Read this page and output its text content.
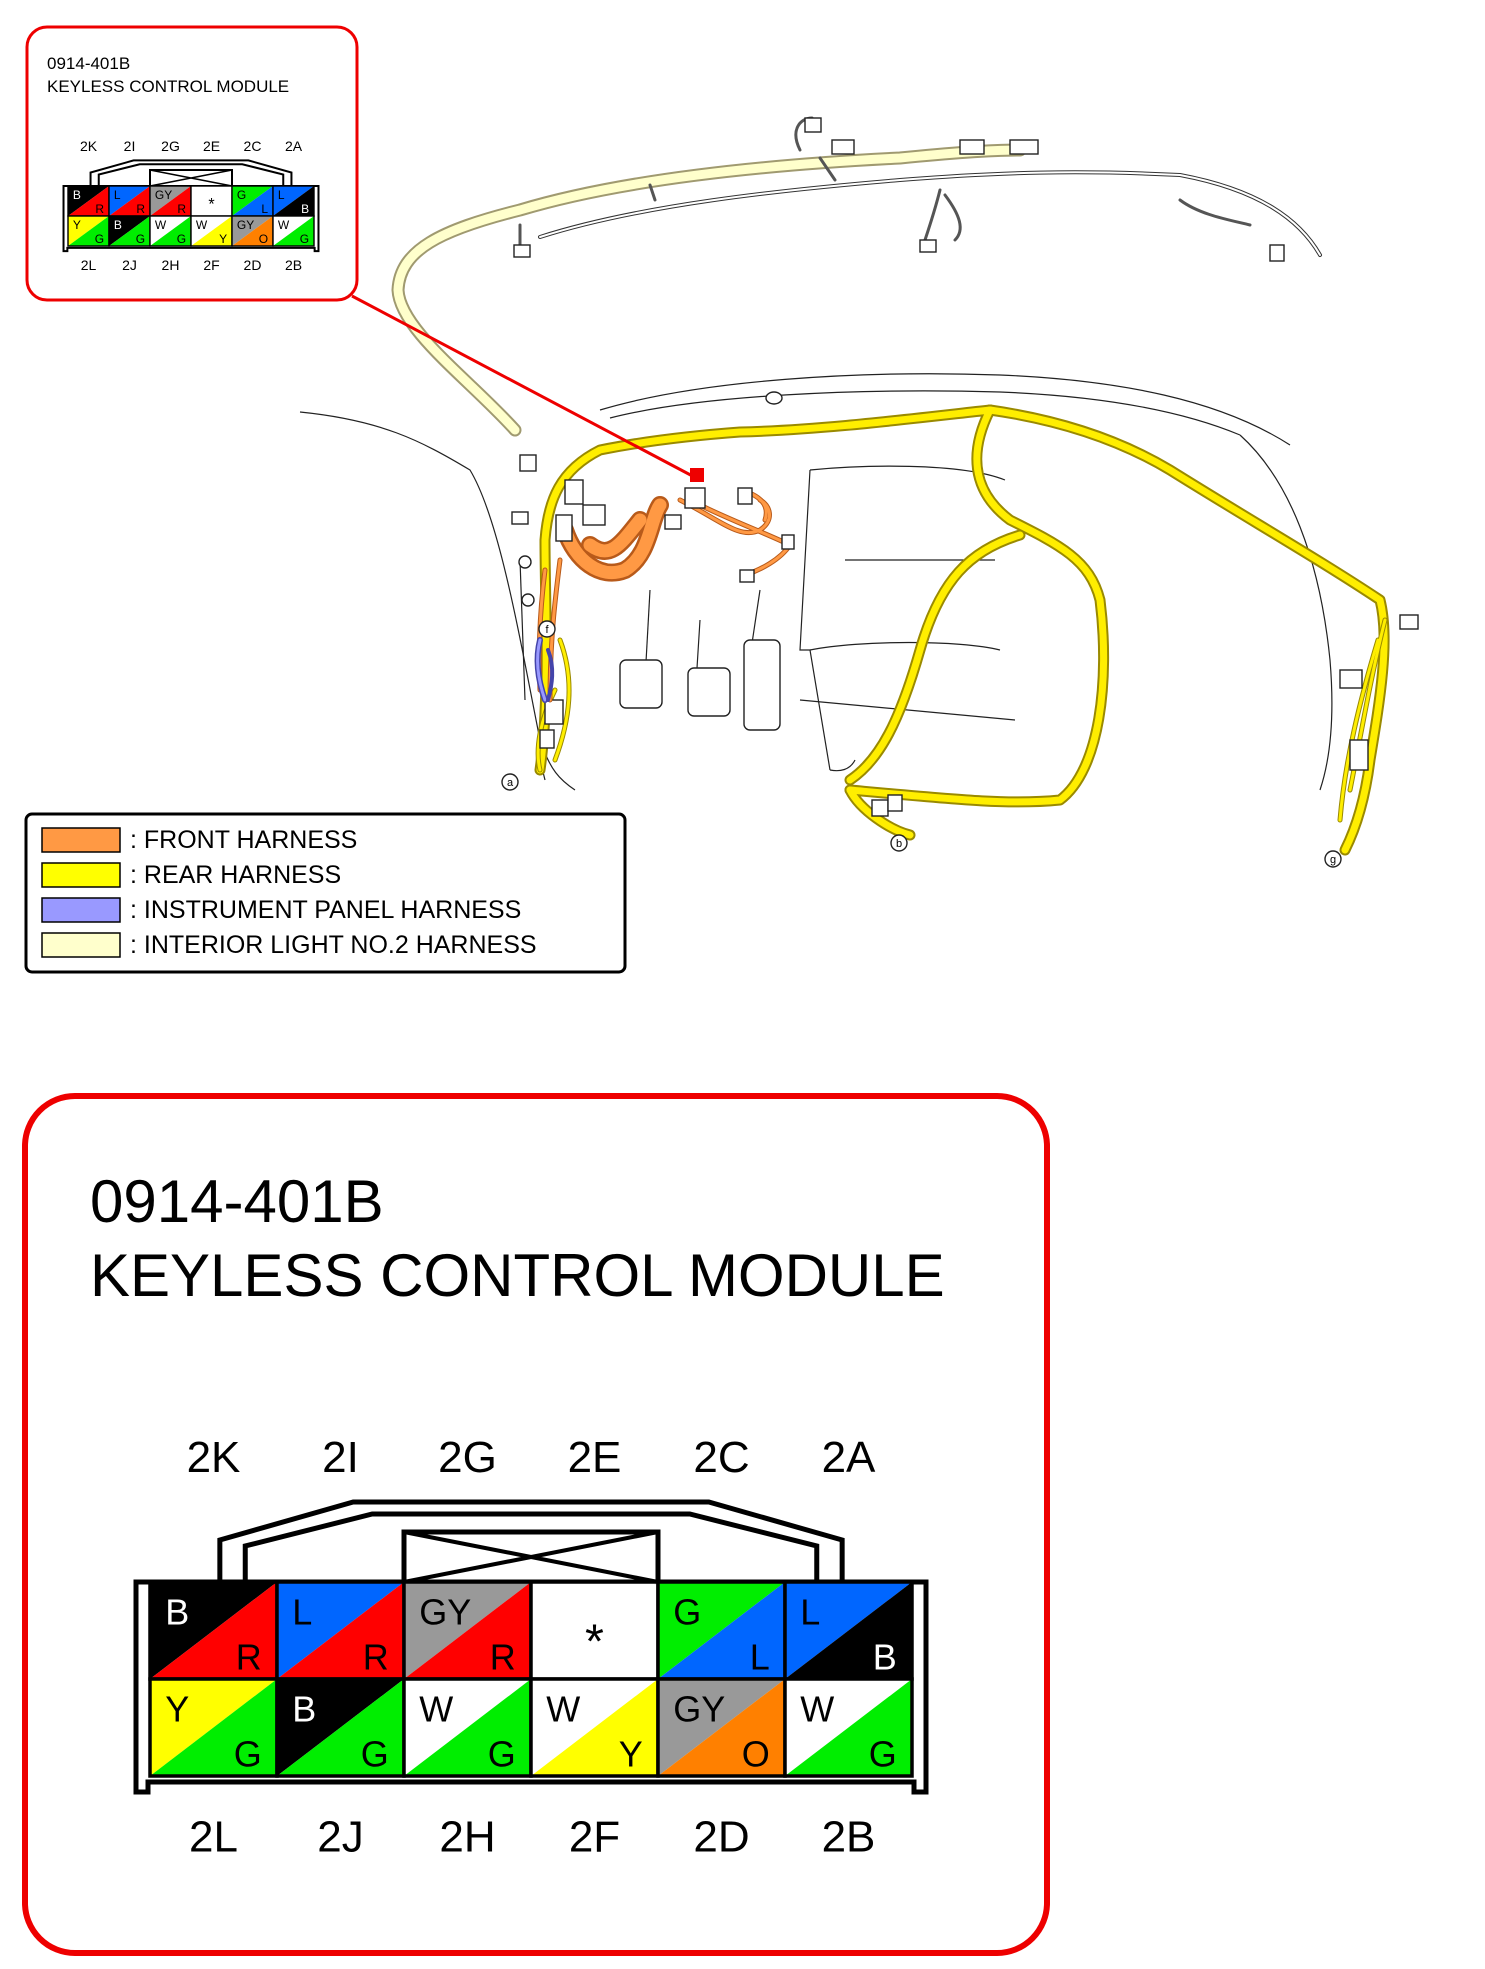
a
f
b
g
0914-401B
KEYLESS CONTROL MODULE
2K 2I 2G 2E 2C 2A
2L 2J 2H 2F 2D 2B
B
R
L
R
GY
R *
G
L
L
B
Y
G
B
G
W
G
W
Y
GY
O
W
G
: FRONT HARNESS
: REAR HARNESS
: INSTRUMENT PANEL HARNESS
: INTERIOR LIGHT NO.2 HARNESS
0914-401B
KEYLESS CONTROL MODULE
2K 2I 2G 2E 2C 2A
2L 2J 2H 2F 2D 2B
B
R
L
R
GY
R *
G
L
L
B
Y
G
B
G
W
G
W
Y
GY
O
W
G
